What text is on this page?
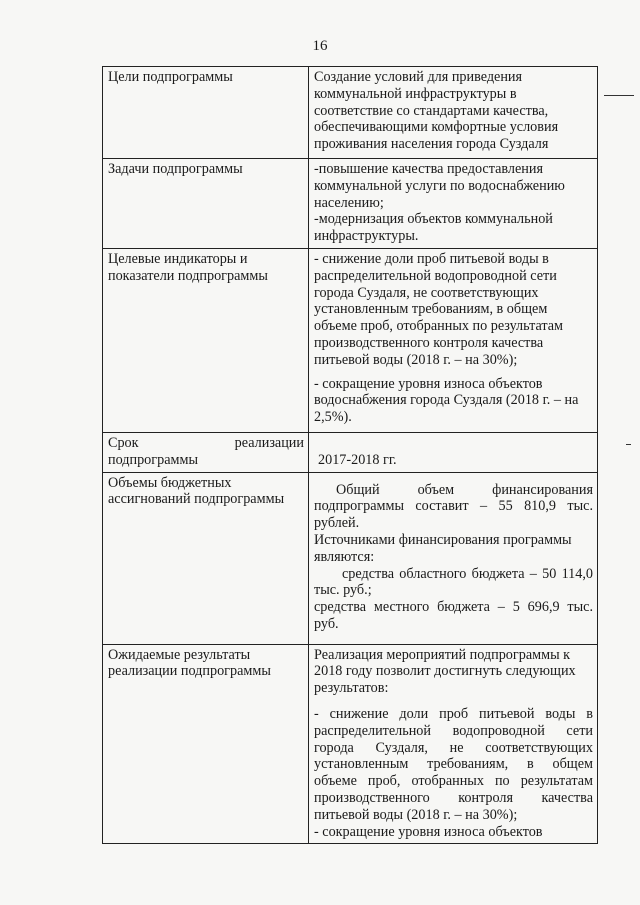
16
Цели подпрограммы	Создание условий для приведения коммунальной инфраструктуры в соответствие со стандартами качества, обеспечивающими комфортные условия проживания населения города Суздаля

Задачи подпрограммы	-повышение качества предоставления коммунальной услуги по водоснабжению населению;

-модернизация объектов коммунальной инфраструктуры.

Целевые индикаторы и показатели подпрограммы	- снижение доли проб питьевой воды в распределительной водопроводной сети города Суздаля, не соответствующих установленным требованиям, в общем объеме проб, отобранных по результатам производственного контроля качества питьевой воды (2018 г. – на 30%);

- сокращение уровня износа объектов водоснабжения города Суздаля (2018 г. – на 2,5%).

Срок реализации
подпрограммы	2017-2018 гг.

Объемы бюджетных ассигнований подпрограммы	Общий объем финансирования подпрограммы составит – 55 810,9 тыс. рублей.

Источниками финансирования программы являются:

средства областного бюджета – 50 114,0 тыс. руб.;

средства местного бюджета – 5 696,9 тыс. руб.

Ожидаемые результаты реализации подпрограммы	Реализация мероприятий подпрограммы к 2018 году позволит достигнуть следующих результатов:

- снижение доли проб питьевой воды в распределительной водопроводной сети города Суздаля, не соответствующих установленным требованиям, в общем объеме проб, отобранных по результатам производственного контроля качества питьевой воды (2018 г. – на 30%);

- сокращение уровня износа объектов
